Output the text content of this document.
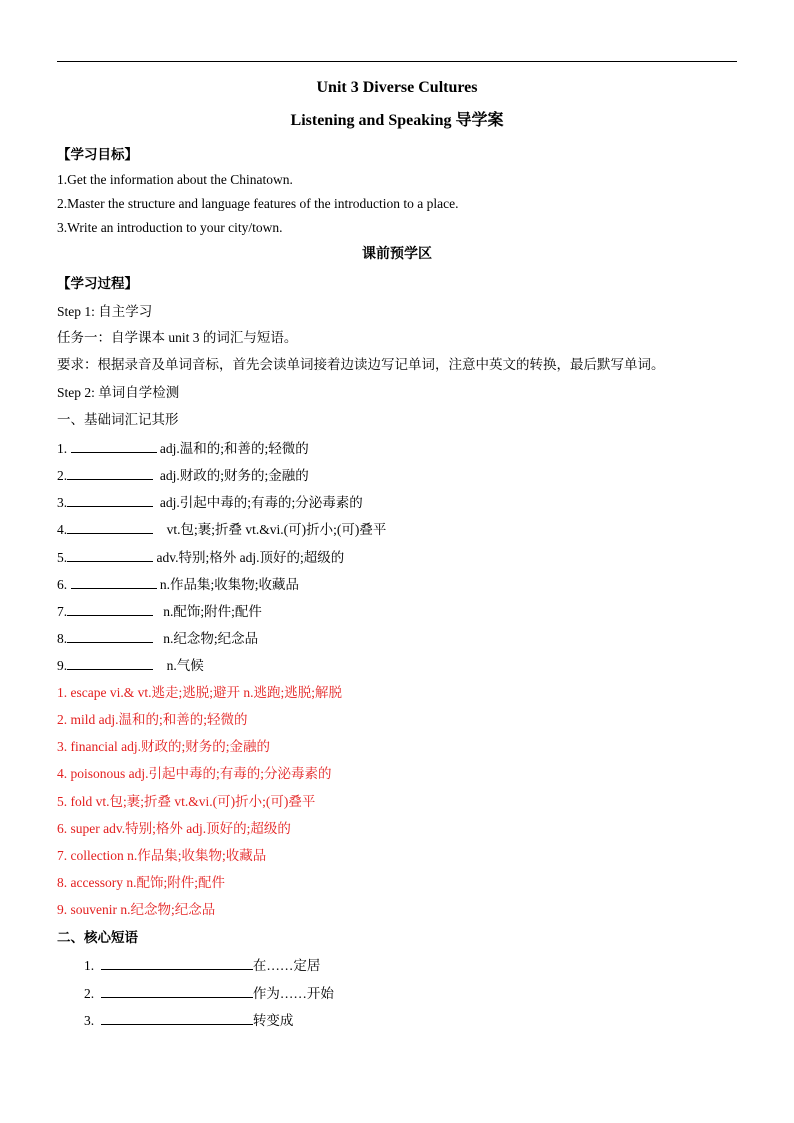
Unit 3 Diverse Cultures
Listening and Speaking 导学案
【学习目标】
1.Get the information about the Chinatown.
2.Master the structure and language features of the introduction to a place.
3.Write an introduction to your city/town.
课前预学区
【学习过程】
Step 1: 自主学习
任务一：自学课本 unit 3 的词汇与短语。
要求：根据录音及单词音标，首先会读单词接着边读边写记单词，注意中英文的转换，最后默写单词。
Step 2: 单词自学检测
一、基础词汇记其形
1.	adj.温和的;和善的;轻微的
2.	adj.财政的;财务的;金融的
3.	adj.引起中毒的;有毒的;分泌毒素的
4.	vt.包;裹;折叠 vt.&vi.(可)折小;(可)叠平
5.	adv.特别;格外 adj.顶好的;超级的
6.	n.作品集;收集物;收藏品
7.	n.配饰;附件;配件
8.	n.纪念物;纪念品
9.	n.气候
1. escape vi.& vt.逃走;逃脱;避开 n.逃跑;逃脱;解脱
2. mild adj.温和的;和善的;轻微的
3. financial adj.财政的;财务的;金融的
4. poisonous adj.引起中毒的;有毒的;分泌毒素的
5. fold vt.包;裹;折叠 vt.&vi.(可)折小;(可)叠平
6. super adv.特别;格外 adj.顶好的;超级的
7. collection n.作品集;收集物;收藏品
8. accessory n.配饰;附件;配件
9. souvenir n.纪念物;纪念品
二、核心短语
1.	在……定居
2.	作为……开始
3.	转变成
